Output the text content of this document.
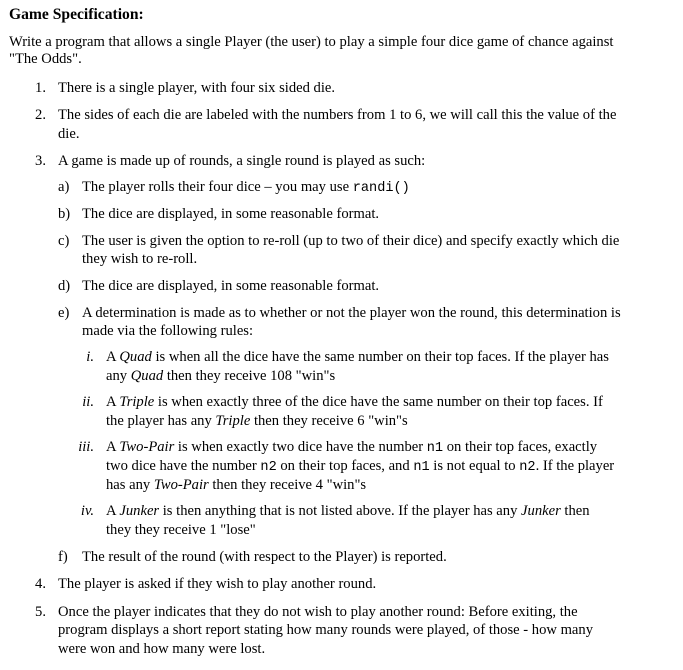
Game Specification:
Write a program that allows a single Player (the user) to play a simple four dice game of chance against
"The Odds".
1. There is a single player, with four six sided die.
2. The sides of each die are labeled with the numbers from 1 to 6, we will call this the value of the
die.
3. A game is made up of rounds, a single round is played as such:
a) The player rolls their four dice – you may use randi()
b) The dice are displayed, in some reasonable format.
c) The user is given the option to re-roll (up to two of their dice) and specify exactly which die
they wish to re-roll.
d) The dice are displayed, in some reasonable format.
e) A determination is made as to whether or not the player won the round, this determination is
made via the following rules:
i. A Quad is when all the dice have the same number on their top faces. If the player has
any Quad then they receive 108 "win"s
ii. A Triple is when exactly three of the dice have the same number on their top faces. If
the player has any Triple then they receive 6 "win"s
iii. A Two-Pair is when exactly two dice have the number n1 on their top faces, exactly
two dice have the number n2 on their top faces, and n1 is not equal to n2. If the player
has any Two-Pair then they receive 4 "win"s
iv. A Junker is then anything that is not listed above. If the player has any Junker then
they they receive 1 "lose"
f) The result of the round (with respect to the Player) is reported.
4. The player is asked if they wish to play another round.
5. Once the player indicates that they do not wish to play another round: Before exiting, the
program displays a short report stating how many rounds were played, of those - how many
were won and how many were lost.
